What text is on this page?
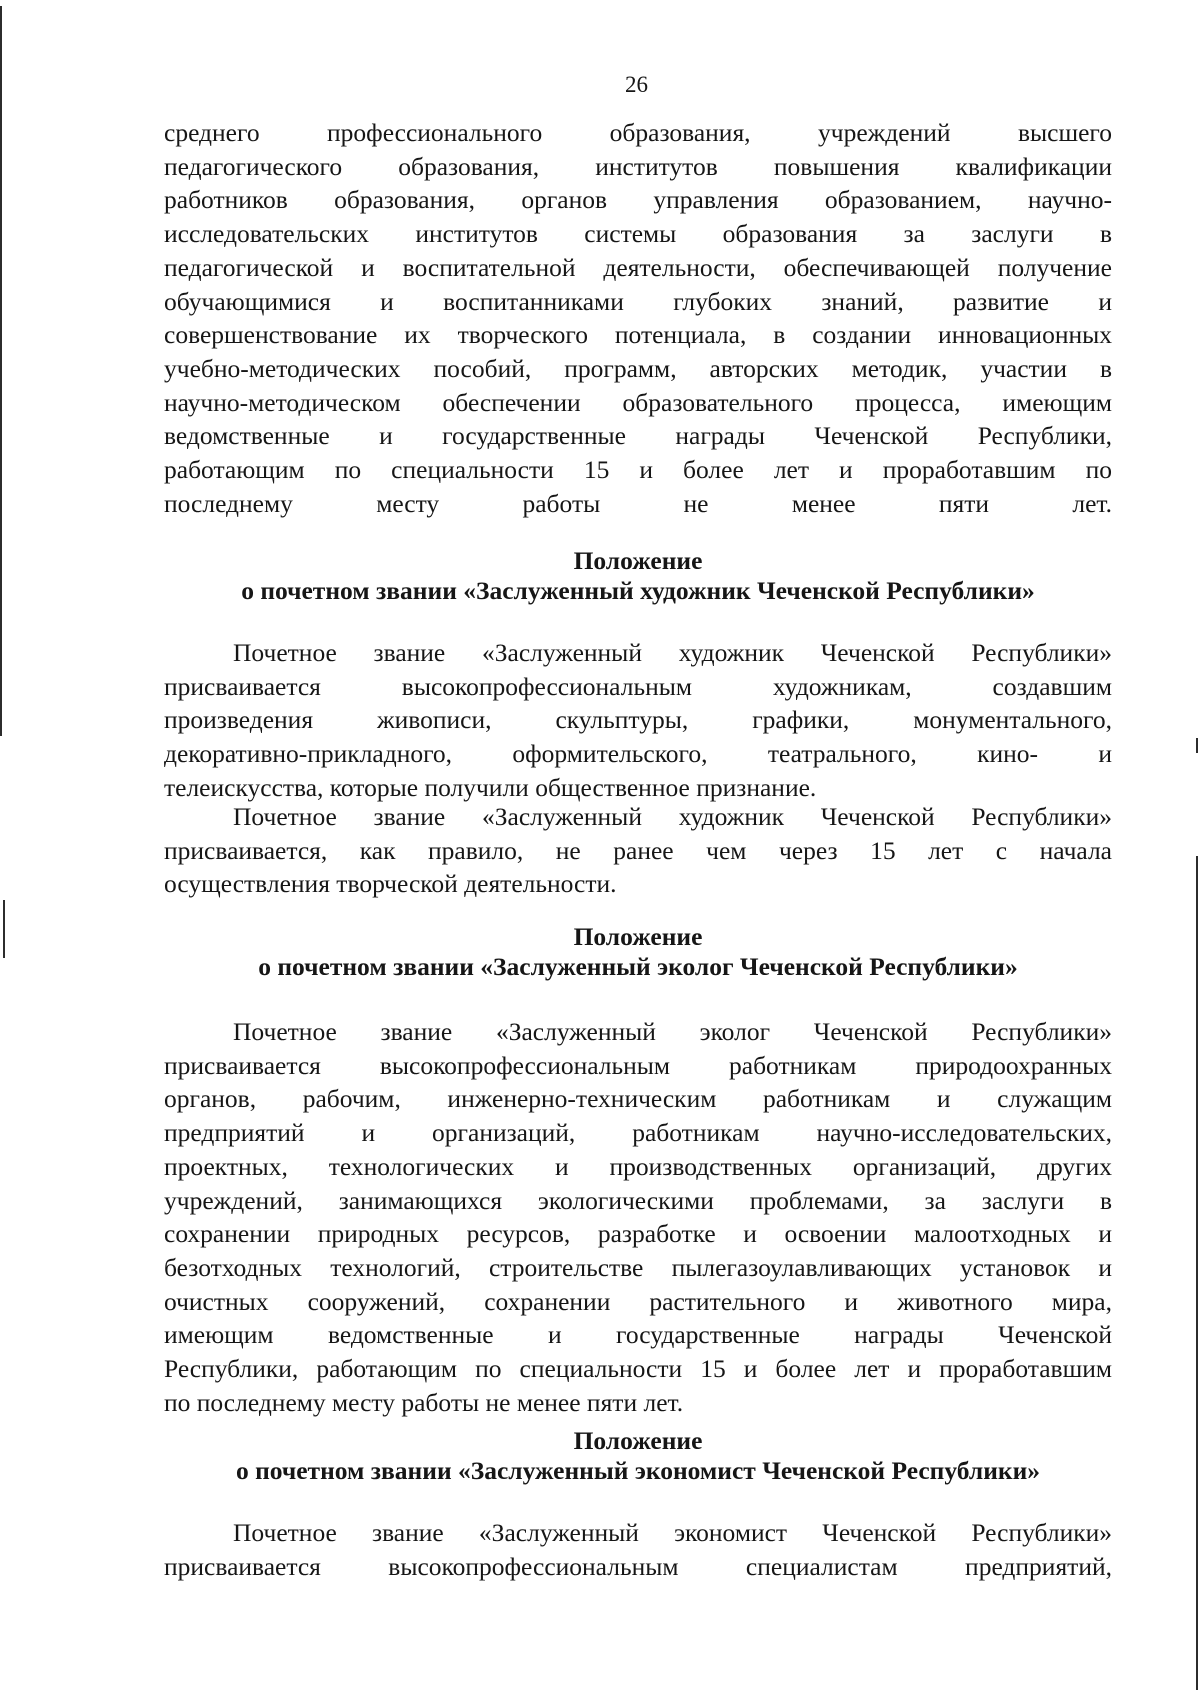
26
среднего профессионального образования, учреждений высшего
педагогического образования, институтов повышения квалификации
работников образования, органов управления образованием, научно-
исследовательских институтов системы образования за заслуги в
педагогической и воспитательной деятельности, обеспечивающей получение
обучающимися и воспитанниками глубоких знаний, развитие и
совершенствование их творческого потенциала, в создании инновационных
учебно-методических пособий, программ, авторских методик, участии в
научно-методическом обеспечении образовательного процесса, имеющим
ведомственные и государственные награды Чеченской Республики,
работающим по специальности 15 и более лет и проработавшим по
последнему месту работы не менее пяти лет.
Положение
о почетном звании «Заслуженный художник Чеченской Республики»
Почетное звание «Заслуженный художник Чеченской Республики»
присваивается высокопрофессиональным художникам, создавшим
произведения живописи, скульптуры, графики, монументального,
декоративно-прикладного, оформительского, театрального, кино- и
телеискусства, которые получили общественное признание.
Почетное звание «Заслуженный художник Чеченской Республики»
присваивается, как правило, не ранее чем через 15 лет с начала
осуществления творческой деятельности.
Положение
о почетном звании «Заслуженный эколог Чеченской Республики»
Почетное звание «Заслуженный эколог Чеченской Республики»
присваивается высокопрофессиональным работникам природоохранных
органов, рабочим, инженерно-техническим работникам и служащим
предприятий и организаций, работникам научно-исследовательских,
проектных, технологических и производственных организаций, других
учреждений, занимающихся экологическими проблемами, за заслуги в
сохранении природных ресурсов, разработке и освоении малоотходных и
безотходных технологий, строительстве пылегазоулавливающих установок и
очистных сооружений, сохранении растительного и животного мира,
имеющим ведомственные и государственные награды Чеченской
Республики, работающим по специальности 15 и более лет и проработавшим
по последнему месту работы не менее пяти лет.
Положение
о почетном звании «Заслуженный экономист Чеченской Республики»
Почетное звание «Заслуженный экономист Чеченской Республики»
присваивается высокопрофессиональным специалистам предприятий,
